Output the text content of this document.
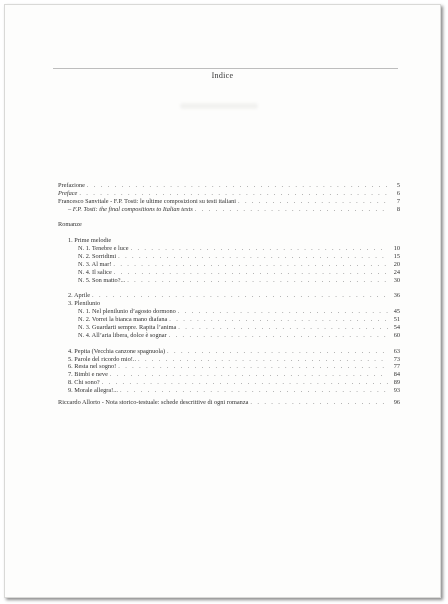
Indice
Prefazione . . .	5
Preface . . .	6
Francesco Sanvitale - F.P. Tosti: le ultime composizioni su testi italiani . . .	7
– F.P. Tosti: the final compositions to Italian texts . . .	8
Romanze
1. Prime melodie
N. 1. Tenebre e luce . . .	10
N. 2. Sorridimi . . .	15
N. 3. Al mar! . . .	20
N. 4. Il salice . . .	24
N. 5. Son matto?... . . .	30
2. Aprile . . .	36
3. Plenilunio
N. 1. Nel plenilunio d’agosto dormono . . .	45
N. 2. Vorrei la bianca mano diafana . . .	51
N. 3. Guardarti sempre. Rapita l’anima . . .	54
N. 4. All’aria libera, dolce è sognar . . .	60
4. Pepita (Vecchia canzone spagnuola) . . .	63
5. Parole del ricordo mio!.. . . .	73
6. Resta nel sogno! . . .	77
7. Bimbi e neve . . .	84
8. Chi sono? . . .	89
9. Morale allegra!... . . .	93
Riccardo Allorto - Nota storico-testuale: schede descrittive di ogni romanza . . .	96
